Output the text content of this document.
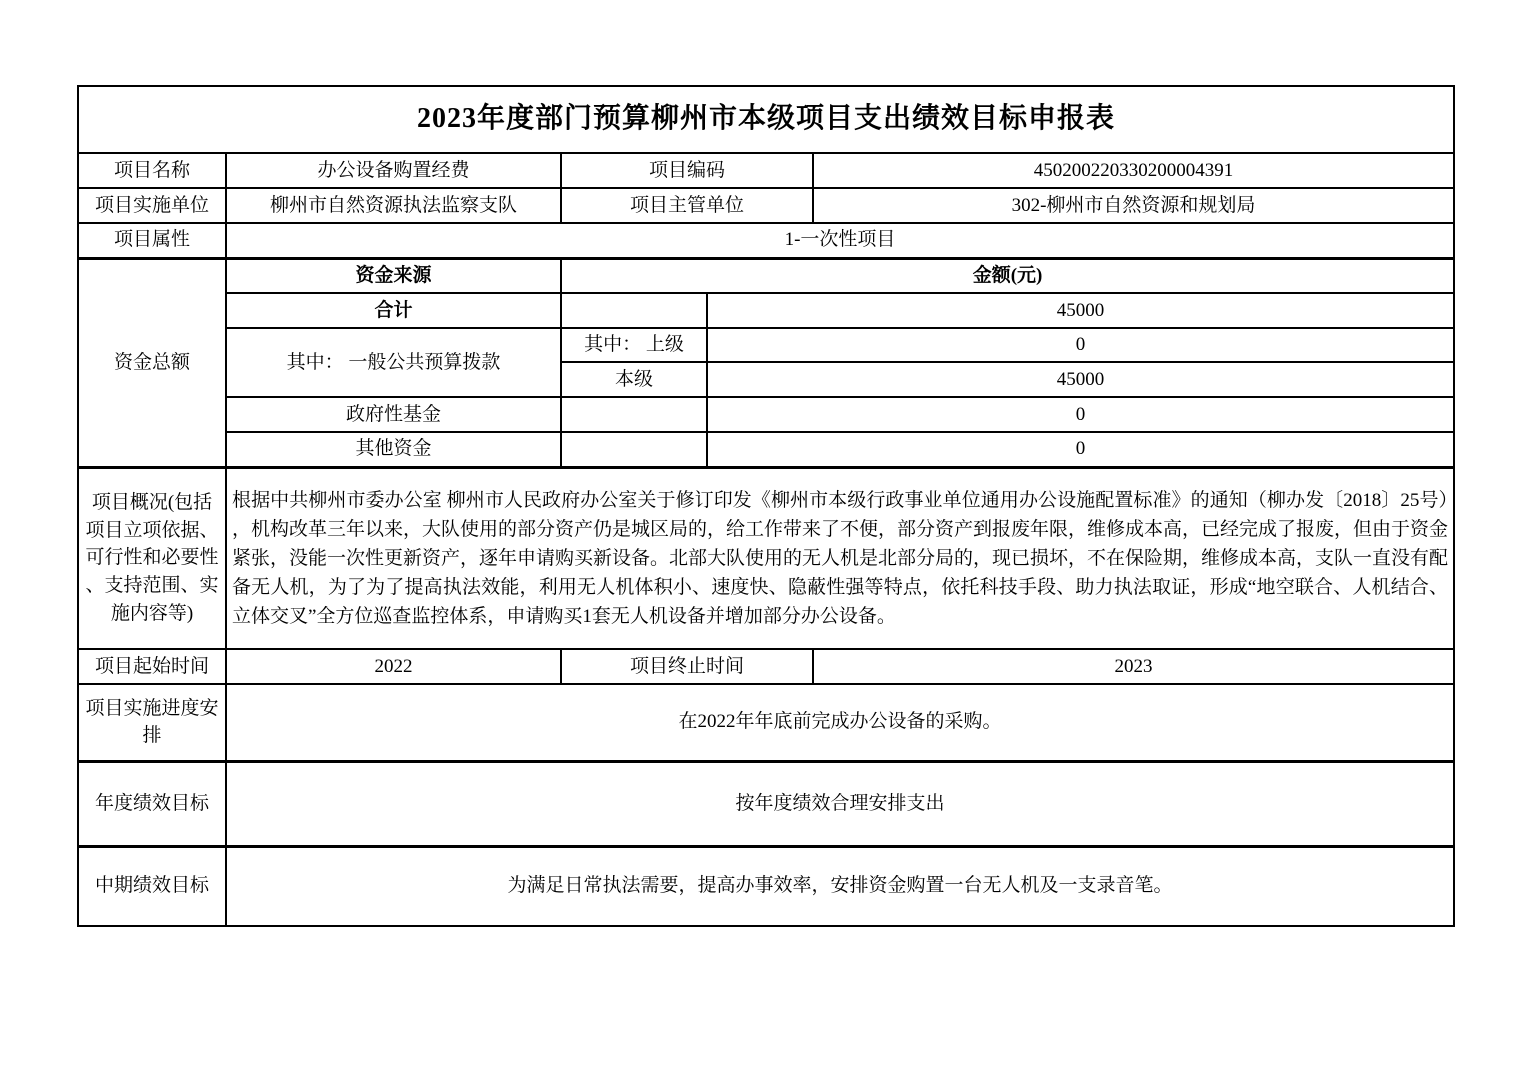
2023年度部门预算柳州市本级项目支出绩效目标申报表				
项目名称	办公设备购置经费	项目编码		450200220330200004391
项目实施单位	柳州市自然资源执法监察支队	项目主管单位		302-柳州市自然资源和规划局
项目属性	1-一次性项目			
资金总额	资金来源	金额(元)		
	合计		45000	
	其中： 一般公共预算拨款	其中： 上级	0	
		本级	45000	
	政府性基金		0	
	其他资金		0	
项目概况(包括项目立项依据、可行性和必要性、支持范围、实施内容等)	根据中共柳州市委办公室 柳州市人民政府办公室关于修订印发《柳州市本级行政事业单位通用办公设施配置标准》的通知（柳办发〔2018〕25号），机构改革三年以来，大队使用的部分资产仍是城区局的，给工作带来了不便，部分资产到报废年限，维修成本高，已经完成了报废，但由于资金紧张，没能一次性更新资产，逐年申请购买新设备。北部大队使用的无人机是北部分局的，现已损坏，不在保险期，维修成本高，支队一直没有配备无人机，为了为了提高执法效能，利用无人机体积小、速度快、隐蔽性强等特点，依托科技手段、助力执法取证，形成“地空联合、人机结合、立体交叉”全方位巡查监控体系，申请购买1套无人机设备并增加部分办公设备。			
项目起始时间	2022	项目终止时间		2023
项目实施进度安排	在2022年年底前完成办公设备的采购。			
年度绩效目标	按年度绩效合理安排支出			
中期绩效目标	为满足日常执法需要，提高办事效率，安排资金购置一台无人机及一支录音笔。			
